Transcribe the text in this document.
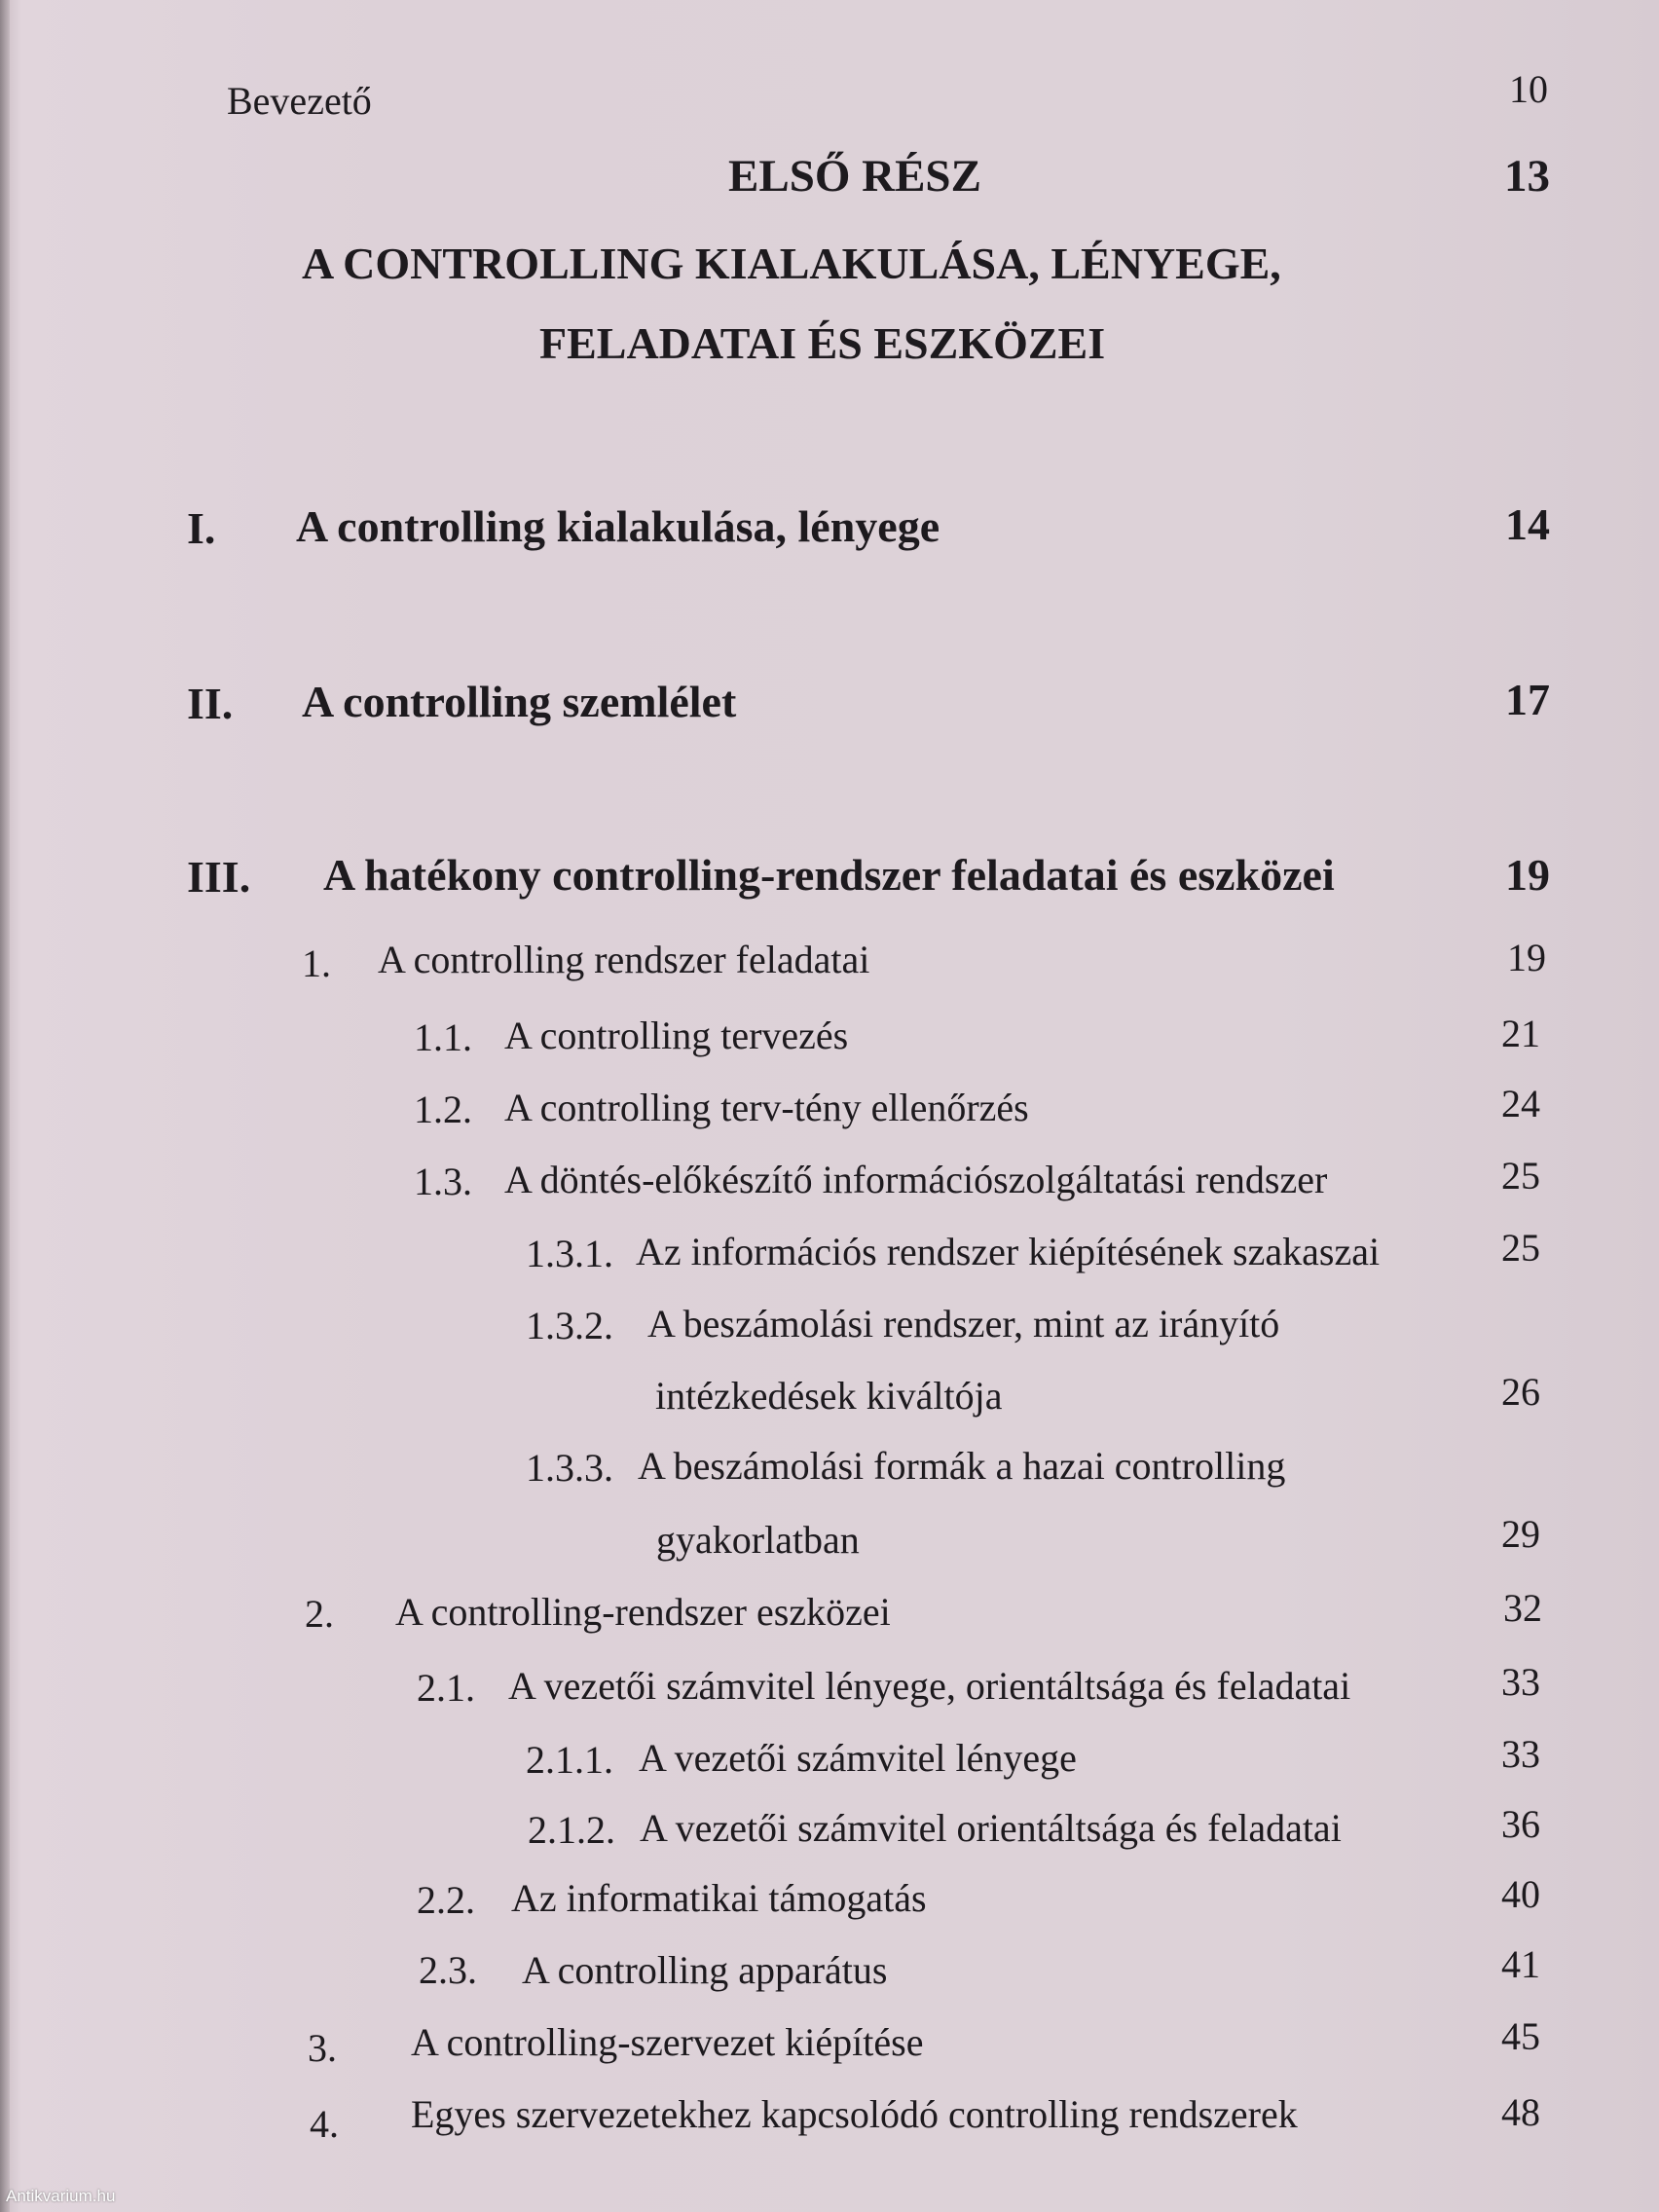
Bevezető	10
ELSŐ RÉSZ	13
A CONTROLLING KIALAKULÁSA, LÉNYEGE,
FELADATAI ÉS ESZKÖZEI
I. A controlling kialakulása, lényege	14
II. A controlling szemlélet	17
III. A hatékony controlling-rendszer feladatai és eszközei	19
1. A controlling rendszer feladatai	19
1.1. A controlling tervezés	21
1.2. A controlling terv-tény ellenőrzés	24
1.3. A döntés-előkészítő információszolgáltatási rendszer	25
1.3.1. Az információs rendszer kiépítésének szakaszai	25
1.3.2. A beszámolási rendszer, mint az irányító
intézkedések kiváltója	26
1.3.3. A beszámolási formák a hazai controlling
gyakorlatban	29
2. A controlling-rendszer eszközei	32
2.1. A vezetői számvitel lényege, orientáltsága és feladatai	33
2.1.1. A vezetői számvitel lényege	33
2.1.2. A vezetői számvitel orientáltsága és feladatai	36
2.2. Az informatikai támogatás	40
2.3. A controlling apparátus	41
3. A controlling-szervezet kiépítése	45
4. Egyes szervezetekhez kapcsolódó controlling rendszerek	48
Antikvarium.hu
